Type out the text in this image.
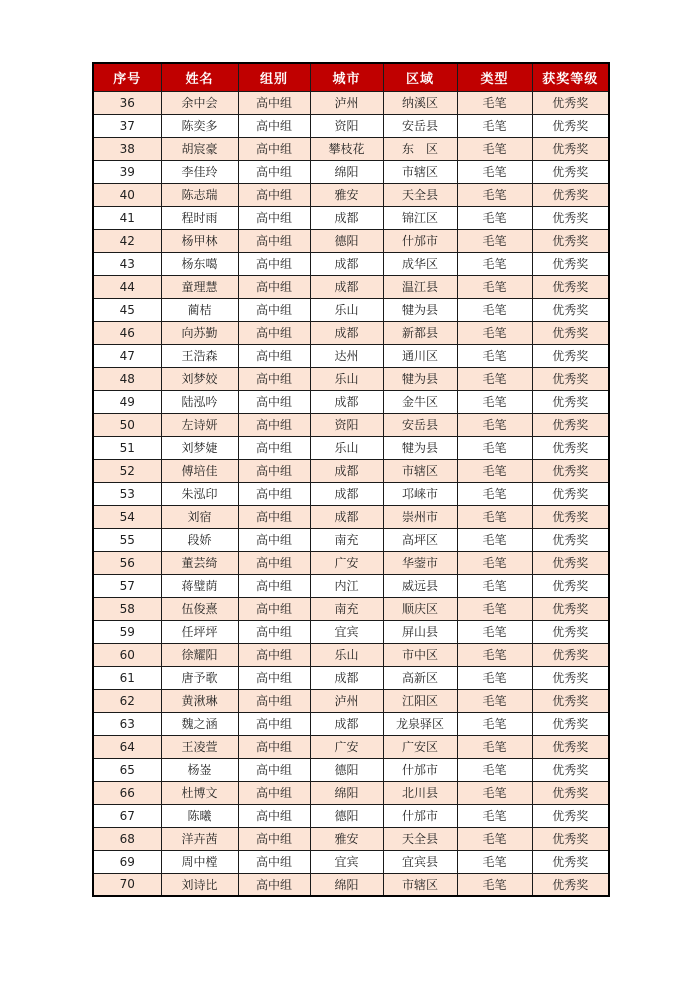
序号	姓名	组别	城市	区域	类型	获奖等级
36	余中会	高中组	泸州	纳溪区	毛笔	优秀奖
37	陈奕多	高中组	资阳	安岳县	毛笔	优秀奖
38	胡宸豪	高中组	攀枝花	东　区	毛笔	优秀奖
39	李佳玲	高中组	绵阳	市辖区	毛笔	优秀奖
40	陈志瑞	高中组	雅安	天全县	毛笔	优秀奖
41	程时雨	高中组	成都	锦江区	毛笔	优秀奖
42	杨甲林	高中组	德阳	什邡市	毛笔	优秀奖
43	杨东噶	高中组	成都	成华区	毛笔	优秀奖
44	童理慧	高中组	成都	温江县	毛笔	优秀奖
45	蔺桔	高中组	乐山	犍为县	毛笔	优秀奖
46	向苏勤	高中组	成都	新都县	毛笔	优秀奖
47	王浩森	高中组	达州	通川区	毛笔	优秀奖
48	刘梦姣	高中组	乐山	犍为县	毛笔	优秀奖
49	陆泓吟	高中组	成都	金牛区	毛笔	优秀奖
50	左诗妍	高中组	资阳	安岳县	毛笔	优秀奖
51	刘梦婕	高中组	乐山	犍为县	毛笔	优秀奖
52	傅培佳	高中组	成都	市辖区	毛笔	优秀奖
53	朱泓印	高中组	成都	邛崃市	毛笔	优秀奖
54	刘宿	高中组	成都	崇州市	毛笔	优秀奖
55	段娇	高中组	南充	高坪区	毛笔	优秀奖
56	董芸绮	高中组	广安	华蓥市	毛笔	优秀奖
57	蒋璧荫	高中组	内江	威远县	毛笔	优秀奖
58	伍俊熹	高中组	南充	顺庆区	毛笔	优秀奖
59	任坪坪	高中组	宜宾	屏山县	毛笔	优秀奖
60	徐耀阳	高中组	乐山	市中区	毛笔	优秀奖
61	唐予歌	高中组	成都	高新区	毛笔	优秀奖
62	黄湫琳	高中组	泸州	江阳区	毛笔	优秀奖
63	魏之涵	高中组	成都	龙泉驿区	毛笔	优秀奖
64	王凌萱	高中组	广安	广安区	毛笔	优秀奖
65	杨崟	高中组	德阳	什邡市	毛笔	优秀奖
66	杜博文	高中组	绵阳	北川县	毛笔	优秀奖
67	陈曦	高中组	德阳	什邡市	毛笔	优秀奖
68	洋卉茜	高中组	雅安	天全县	毛笔	优秀奖
69	周中樘	高中组	宜宾	宜宾县	毛笔	优秀奖
70	刘诗比	高中组	绵阳	市辖区	毛笔	优秀奖
